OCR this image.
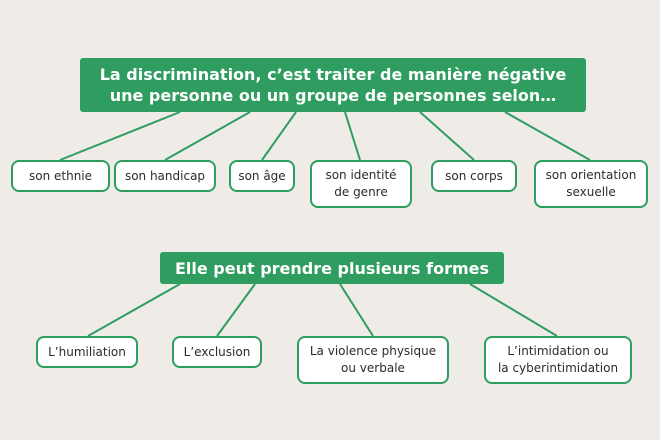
La discrimination, c’est traiter de manière négative
une personne ou un groupe de personnes selon…
son ethnie	son handicap	son âge	son identité
de genre
son corps	son orientation
sexuelle
Elle peut prendre plusieurs formes
L’humiliation	L’exclusion	La violence physique
ou verbale
L’intimidation ou
la cyberintimidation
